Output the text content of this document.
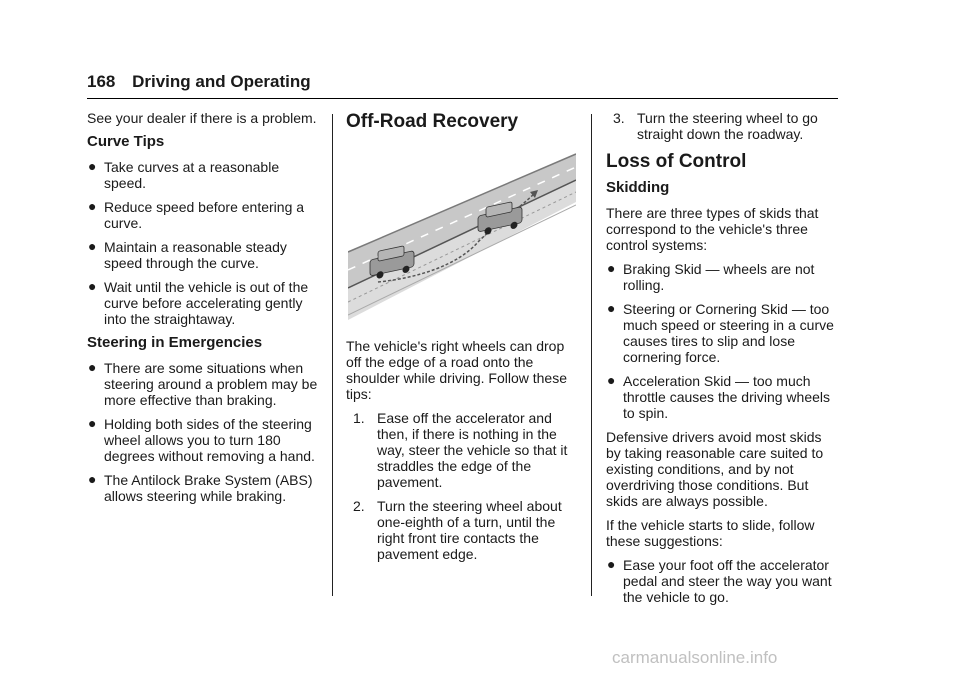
168 Driving and Operating

See your dealer if there is a problem.

Curve Tips
● Take curves at a reasonable speed.
● Reduce speed before entering a curve.
● Maintain a reasonable steady speed through the curve.
● Wait until the vehicle is out of the curve before accelerating gently into the straightaway.
Steering in Emergencies
● There are some situations when steering around a problem may be more effective than braking.
● Holding both sides of the steering wheel allows you to turn 180 degrees without removing a hand.
● The Antilock Brake System (ABS) allows steering while braking.
Off-Road Recovery

The vehicle's right wheels can drop off the edge of a road onto the shoulder while driving. Follow these tips:

1. Ease off the accelerator and then, if there is nothing in the way, steer the vehicle so that it straddles the edge of the pavement.
2. Turn the steering wheel about one-eighth of a turn, until the right front tire contacts the pavement edge.
3. Turn the steering wheel to go straight down the roadway.
Loss of Control
Skidding

There are three types of skids that correspond to the vehicle's three control systems:

● Braking Skid — wheels are not rolling.
● Steering or Cornering Skid — too much speed or steering in a curve causes tires to slip and lose cornering force.
● Acceleration Skid — too much throttle causes the driving wheels to spin.

Defensive drivers avoid most skids by taking reasonable care suited to existing conditions, and by not overdriving those conditions. But skids are always possible.

If the vehicle starts to slide, follow these suggestions:

● Ease your foot off the accelerator pedal and steer the way you want the vehicle to go.
carmanualsonline.info
